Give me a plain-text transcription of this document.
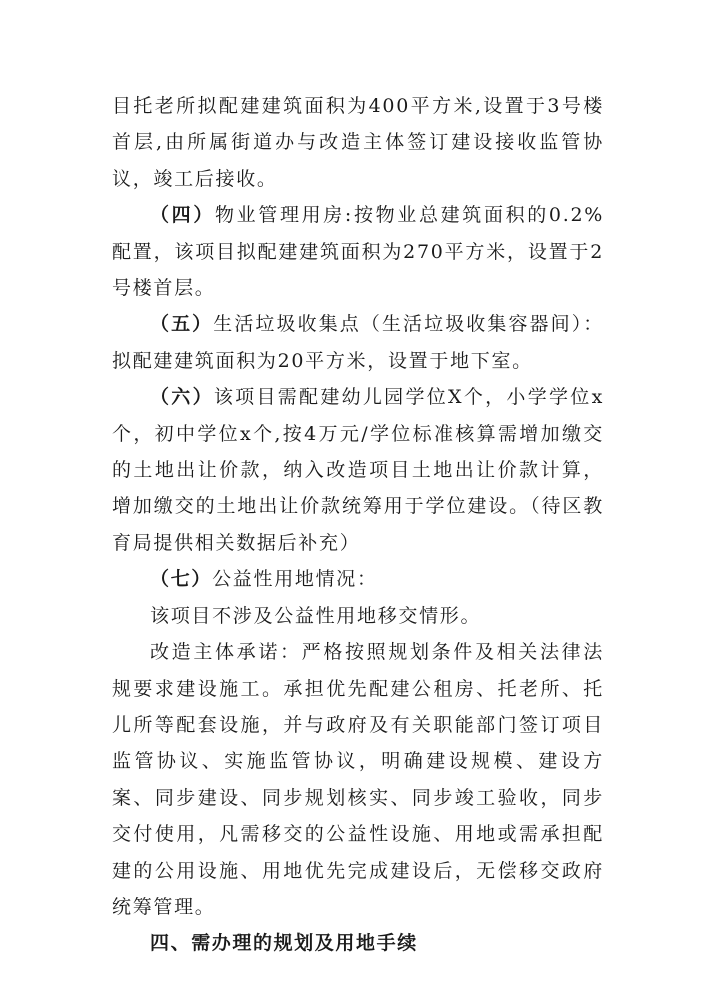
目托老所拟配建建筑面积为400平方米,设置于3号楼首层,由所属街道办与改造主体签订建设接收监管协议，竣工后接收。

（四）物业管理用房:按物业总建筑面积的0.2%配置，该项目拟配建建筑面积为270平方米，设置于2号楼首层。

（五）生活垃圾收集点（生活垃圾收集容器间）：拟配建建筑面积为20平方米，设置于地下室。

（六）该项目需配建幼儿园学位X个，小学学位x个，初中学位x个,按4万元/学位标准核算需增加缴交的土地出让价款，纳入改造项目土地出让价款计算，增加缴交的土地出让价款统筹用于学位建设。（待区教育局提供相关数据后补充）

（七）公益性用地情况：

该项目不涉及公益性用地移交情形。

改造主体承诺：严格按照规划条件及相关法律法规要求建设施工。承担优先配建公租房、托老所、托儿所等配套设施，并与政府及有关职能部门签订项目监管协议、实施监管协议，明确建设规模、建设方案、同步建设、同步规划核实、同步竣工验收，同步交付使用，凡需移交的公益性设施、用地或需承担配建的公用设施、用地优先完成建设后，无偿移交政府统筹管理。

四、需办理的规划及用地手续
